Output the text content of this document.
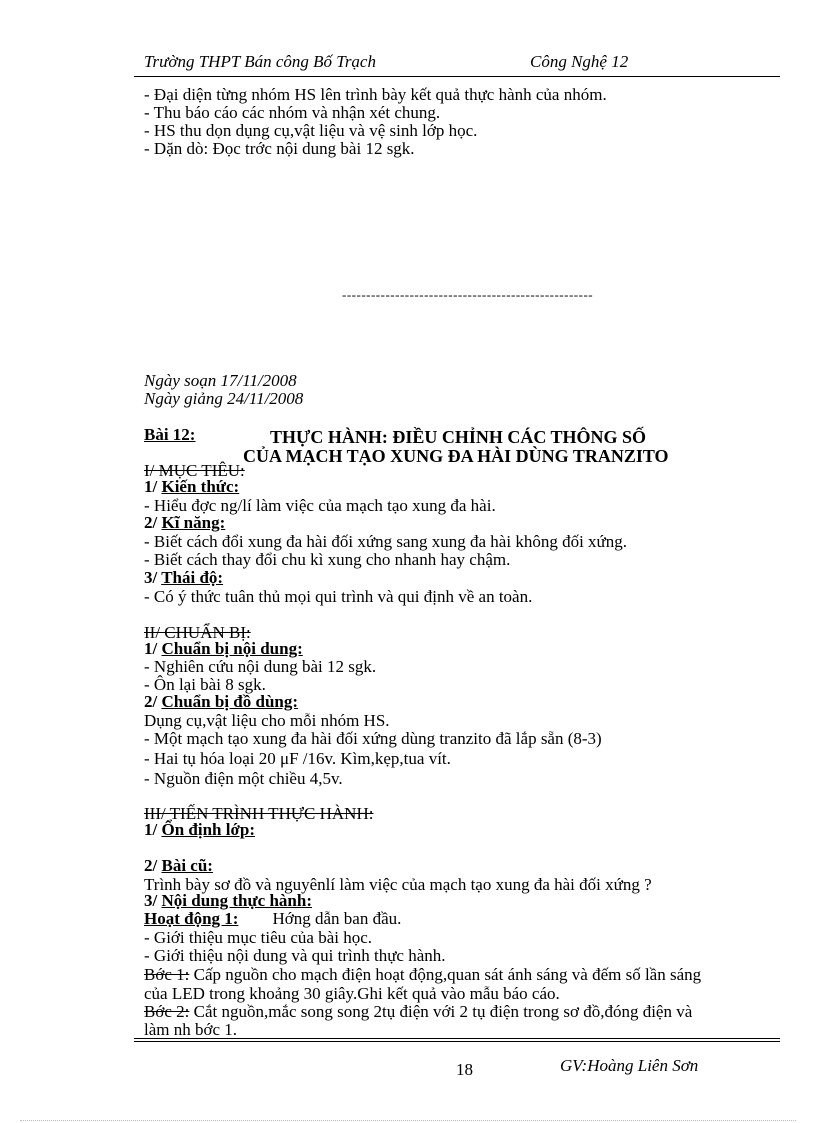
Trường THPT Bán công Bố Trạch	Công Nghệ 12
- Đại diện từng nhóm HS lên trình bày kết quả thực hành của nhóm.
- Thu báo cáo các nhóm và nhận xét chung.
- HS thu dọn dụng cụ,vật liệu và vệ sinh lớp học.
- Dặn dò: Đọc trớc nội dung bài 12 sgk.
----------------------------------------------------
Ngày soạn 17/11/2008
Ngày giảng 24/11/2008
Bài 12:	THỰC HÀNH: ĐIỀU CHỈNH CÁC THÔNG SỐ
CỦA MẠCH TẠO XUNG ĐA HÀI DÙNG TRANZITO
I/ MỤC TIÊU:
1/ Kiến thức:
- Hiểu đợc ng/lí làm việc của mạch tạo xung đa hài.
2/ Kĩ năng:
- Biết cách đổi xung đa hài đối xứng sang xung đa hài không đối xứng.
- Biết cách thay đổi chu kì xung cho nhanh hay chậm.
3/ Thái độ:
- Có ý thức tuân thủ mọi qui trình và qui định về an toàn.
II/ CHUẨN BỊ:
1/ Chuẩn bị nội dung:
- Nghiên cứu nội dung bài 12 sgk.
- Ôn lại bài 8 sgk.
2/ Chuẩn bị đồ dùng:
Dụng cụ,vật liệu cho mỗi nhóm HS.
- Một mạch tạo xung đa hài đối xứng dùng tranzito đã lắp sẵn (8-3)
- Hai tụ hóa loại 20 μF /16v. Kìm,kẹp,tua vít.
- Nguồn điện một chiều 4,5v.
III/ TIẾN TRÌNH THỰC HÀNH:
1/ Ổn định lớp:
2/ Bài cũ:
Trình bày sơ đồ và nguyênlí làm việc của mạch tạo xung đa hài đối xứng ?
3/ Nội dung thực hành:
Hoạt động 1: Hớng dẫn ban đầu.
- Giới thiệu mục tiêu của bài học.
- Giới thiệu nội dung và qui trình thực hành.
Bớc 1: Cấp nguồn cho mạch điện hoạt động,quan sát ánh sáng và đếm số lần sáng
của LED trong khoảng 30 giây.Ghi kết quả vào mẫu báo cáo.
Bớc 2: Cắt nguồn,mắc song song 2tụ điện với 2 tụ điện trong sơ đồ,đóng điện và
làm nh bớc 1.
18	GV:Hoàng Liên Sơn
